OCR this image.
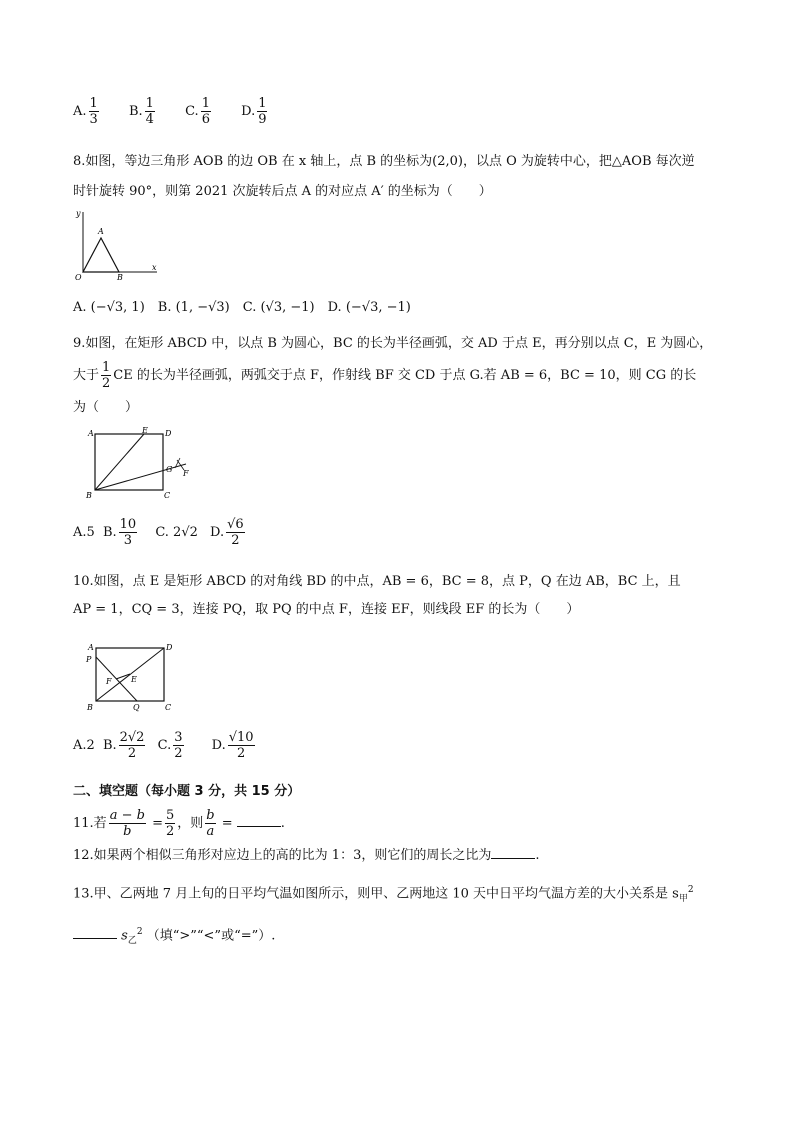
A. $\frac{1}{3} B$. $\frac{1}{4} C$. $\frac{1}{6} D$. $\frac{1}{9}$
8.如图，等边三角形 AOB 的边 OB 在 x 轴上，点 B 的坐标为(2,0)，以点 O 为旋转中心，把△AOB 每次逆
时针旋转 90°，则第 2021 次旋转后点 A 的对应点 A′ 的坐标为（　　）
y
x
O
A
B
A. (−√3, 1)　B. (1, −√3)　C. (√3, −1)　D. (−√3, −1)
9.如图，在矩形 ABCD 中，以点 B 为圆心，BC 的长为半径画弧，交 AD 于点 E，再分别以点 C，E 为圆心，
大于 $\frac{1}{2}$ CE 的长为半径画弧，两弧交于点 F，作射线 BF 交 CD 于点 G.若 AB = 6，BC = 10，则 CG 的长
为（　　）
A	E D
G F
B	C
A.5 B. $\frac{10}{3} C$. 2√2 D. $\frac{√6}{2}$
10.如图，点 E 是矩形 ABCD 的对角线 BD 的中点，AB = 6，BC = 8，点 P，Q 在边 AB，BC 上，且
AP = 1，CQ = 3，连接 PQ，取 PQ 的中点 F，连接 EF，则线段 EF 的长为（　　）
A	D
P
F E
B	Q	C
A.2 B. $\frac{2√2}{2} C$. $\frac{3}{2} D$. $\frac{√10}{2}$
二、填空题（每小题 3 分，共 15 分）
11.若 $\frac{a - b}{b} = \frac{5}{2}$ ，则 $\frac{b}{a}$ =	.
12.如果两个相似三角形对应边上的高的比为 1：3，则它们的周长之比为	.
13.甲、乙两地 7 月上旬的日平均气温如图所示，则甲、乙两地这 10 天中日平均气温方差的大小关系是 $s_甲^2$
$s_乙^2$ （填“>”“<”或“=”）.
